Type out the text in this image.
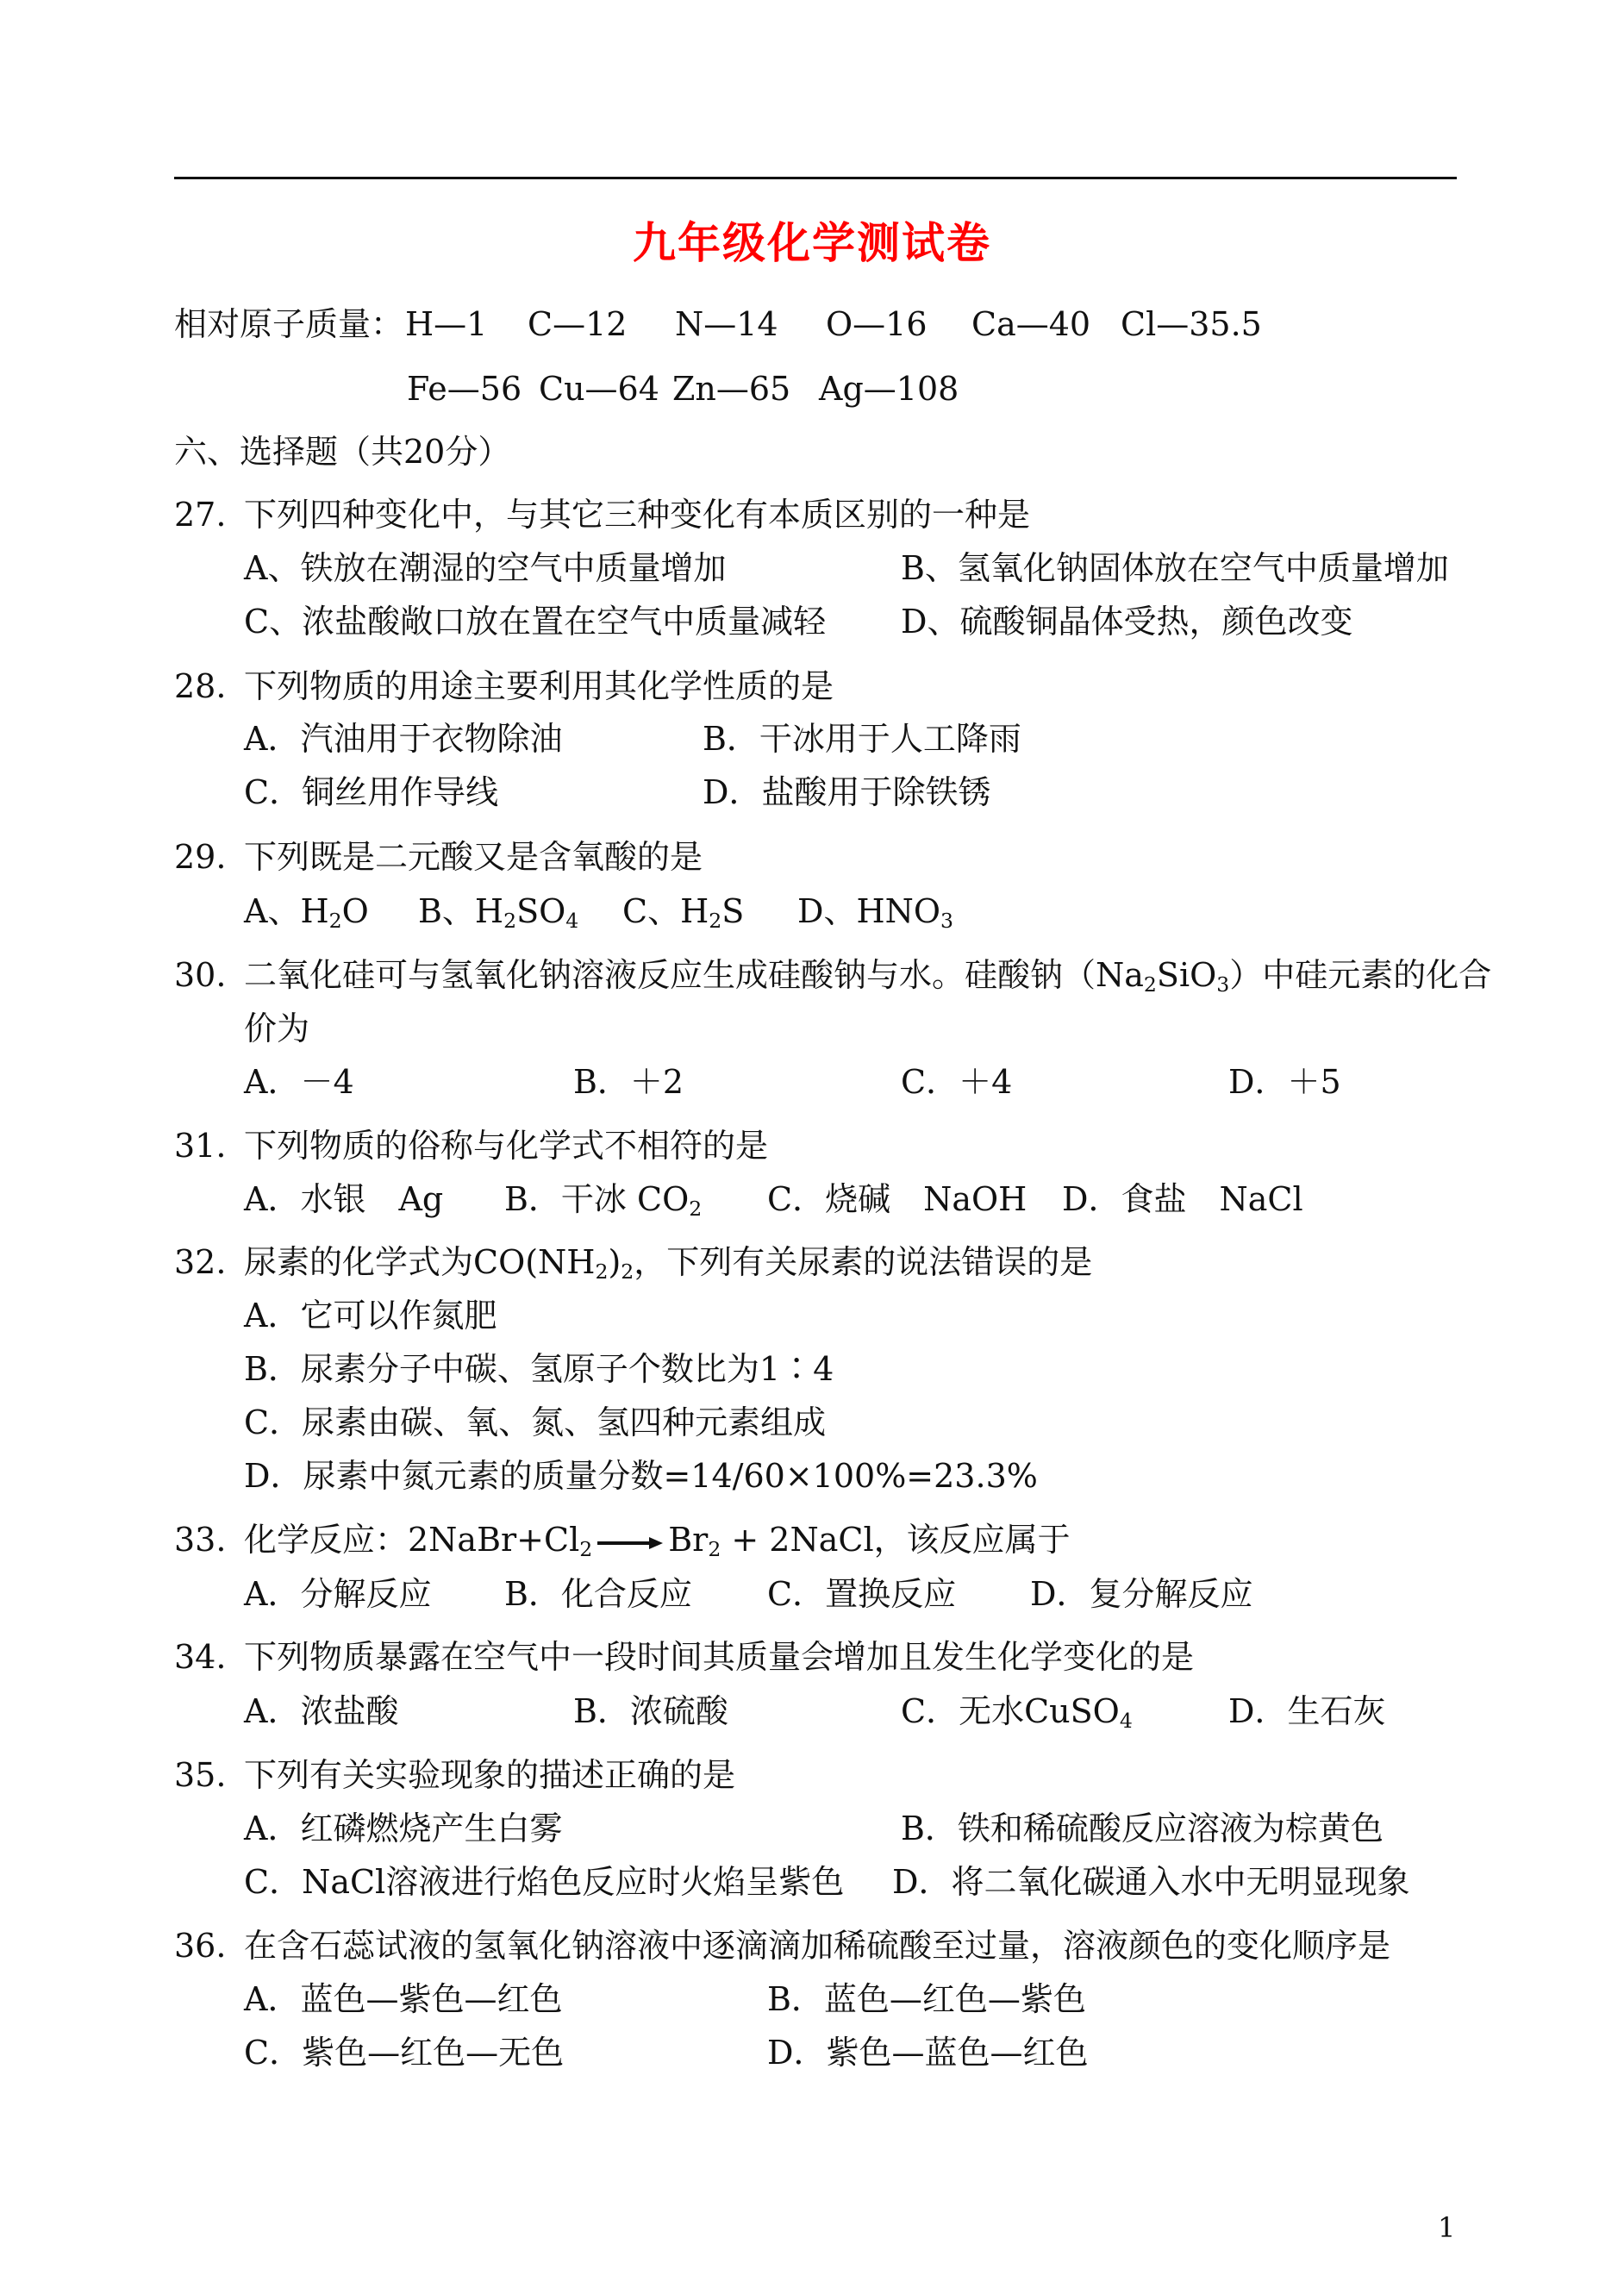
九年级化学测试卷
相对原子质量： H—1 C—12 N—14 O—16 Ca—40 Cl—35.5
Fe—56 Cu—64 Zn—65 Ag—108
六、选择题（共20分）
27. 下列四种变化中，与其它三种变化有本质区别的一种是
A、铁放在潮湿的空气中质量增加	B、氢氧化钠固体放在空气中质量增加
C、浓盐酸敞口放在置在空气中质量减轻 D、硫酸铜晶体受热，颜色改变
28. 下列物质的用途主要利用其化学性质的是
A．汽油用于衣物除油	B．干冰用于人工降雨
C．铜丝用作导线	D．盐酸用于除铁锈
29. 下列既是二元酸又是含氧酸的是
A、$H_2O$ B、$H_2SO_4$ C、$H_2S$ D、$HNO_3$
30. 二氧化硅可与氢氧化钠溶液反应生成硅酸钠与水。硅酸钠$(Na_2SiO_3)$中硅元素的化合
价为
A．－4	B．＋2	C．＋4	D．＋5
31. 下列物质的俗称与化学式不相符的是
A．水银　Ag B．干冰 $CO_2$ C．烧碱　NaOH D．食盐　NaCl
32. 尿素的化学式为$CO(NH_2)_2$，下列有关尿素的说法错误的是
A．它可以作氮肥
B．尿素分子中碳、氢原子个数比为1∶4
C．尿素由碳、氧、氮、氢四种元素组成
D．尿素中氮元素的质量分数=14/60×100%=23.3%
33. 化学反应：$2NaBr+Cl_2 \to Br_2$ + 2NaCl，该反应属于
A．分解反应 B．化合反应 C．置换反应 D．复分解反应
34. 下列物质暴露在空气中一段时间其质量会增加且发生化学变化的是
A．浓盐酸	B．浓硫酸	C．无水CuSO$_4$	D．生石灰
35. 下列有关实验现象的描述正确的是
A．红磷燃烧产生白雾	B．铁和稀硫酸反应溶液为棕黄色
C．NaCl溶液进行焰色反应时火焰呈紫色 D．将二氧化碳通入水中无明显现象
36. 在含石蕊试液的氢氧化钠溶液中逐滴滴加稀硫酸至过量，溶液颜色的变化顺序是
A．蓝色—紫色—红色	B．蓝色—红色—紫色
C．紫色—红色—无色	D．紫色—蓝色—红色
1
